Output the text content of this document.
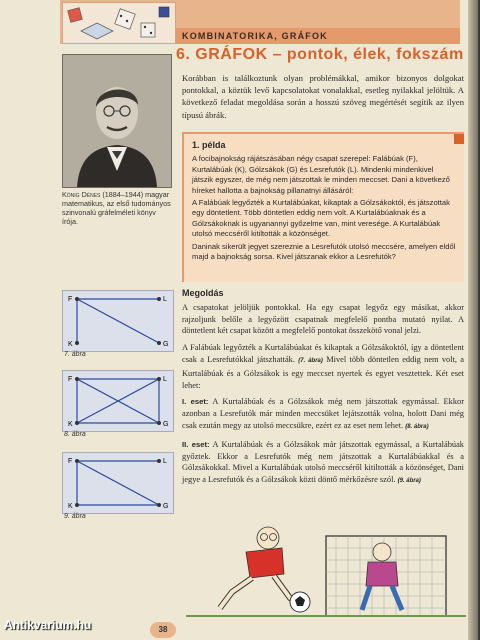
KOMBINATORIKA, GRÁFOK
6. GRÁFOK – pontok, élek, fokszám
König Dénes (1884–1944) magyar matematikus, az első tudományos szinvonalú gráfelméleti könyv írója.
Korábban is találkoztunk olyan problémákkal, amikor bizonyos dolgokat pontokkal, a köztük levő kapcsolatokat vonalakkal, esetleg nyilakkal jelöltük. A következő feladat megoldása során a hosszú szöveg megértését segítik az ilyen típusú ábrák.
1. példa

A focibajnokság rájátszásában négy csapat szerepel: Falábúak (F), Kurtalábúak (K), Gólzsákok (G) és Lesrefutók (L). Mindenki mindenkivel játszik egyszer, de még nem játszottak le minden meccset. Dani a következő híreket hallotta a bajnokság pillanatnyi állásáról:

A Falábúak legyőzték a Kurtalábúakat, kikaptak a Gólzsákoktól, és játszottak egy döntetlent. Több döntetlen eddig nem volt. A Kurtalábúaknak és a Gólzsákoknak is ugyanannyi győzelme van, mint veresége. A Kurtalábúak utolsó meccséről kitiltották a közönséget.

Daninak sikerült jegyet szereznie a Lesrefutók utolsó meccsére, amelyen eldől majd a bajnokság sorsa. Kivel játszanak ekkor a Lesrefutók?

F	L
K	G
7. ábra
F	L
K	G
8. ábra
F	L
K	G
9. ábra
Megoldás

A csapatokat jelöljük pontokkal. Ha egy csapat legyőz egy másikat, akkor rajzoljunk belőle a legyőzött csapatnak megfelelő pontba mutató nyilat. A döntetlent két csapat között a megfelelő pontokat összekötő vonal jelzi.

A Falábúak legyőzték a Kurtalábúakat és kikaptak a Gólzsákoktól, így a döntetlent csak a Lesrefutókkal játszhatták. (7. ábra) Mivel több döntetlen eddig nem volt, a Kurtalábúak és a Gólzsákok is egy meccset nyertek és egyet vesztettek. Két eset lehet:

I. eset: A Kurtalábúak és a Gólzsákok még nem játszottak egymással. Ekkor azonban a Lesrefutók már minden meccsüket lejátszották volna, holott Dani még csak ezután megy az utolsó meccsükre, ezért ez az eset nem lehet. (8. ábra)

II. eset: A Kurtalábúak és a Gólzsákok már játszottak egymással, a Kurtalábúak győztek. Ekkor a Lesrefutók még nem játszottak a Kurtalábúakkal és a Gólzsákokkal. Mivel a Kurtalábúak utolsó meccséről kitiltották a közönséget, Dani jegye a Lesrefutók és a Gólzsákok közti döntő mérkőzésre szól. (9. ábra)

38
Antikvarium.hu
